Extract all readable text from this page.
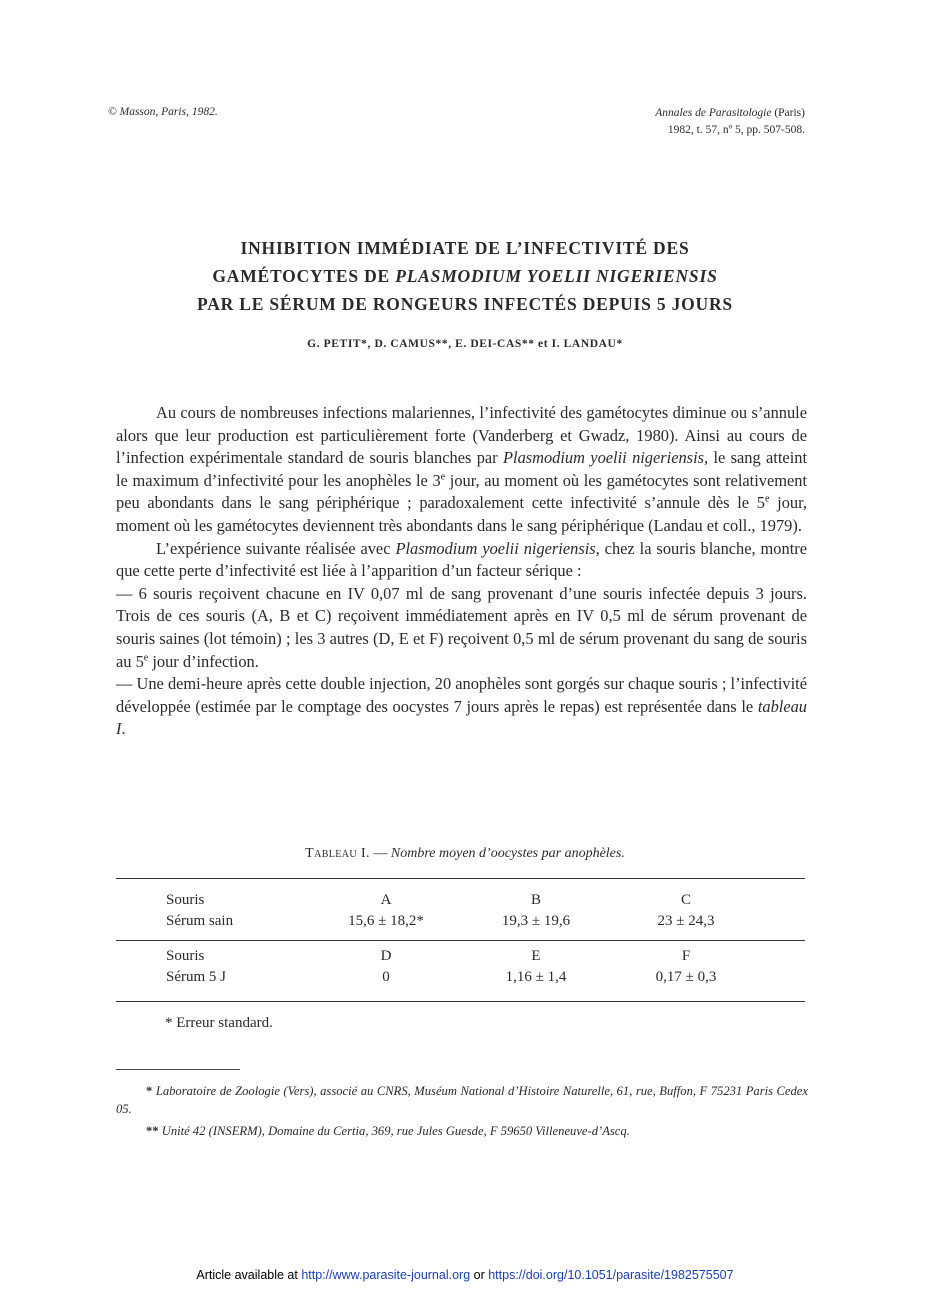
© Masson, Paris, 1982.	Annales de Parasitologie (Paris)
1982, t. 57, nº 5, pp. 507-508.
INHIBITION IMMÉDIATE DE L’INFECTIVITÉ DES
GAMÉTOCYTES DE PLASMODIUM YOELII NIGERIENSIS
PAR LE SÉRUM DE RONGEURS INFECTÉS DEPUIS 5 JOURS
G. PETIT*, D. CAMUS**, E. DEI-CAS** et I. LANDAU*

Au cours de nombreuses infections malariennes, l’infectivité des gamétocytes diminue ou s’annule alors que leur production est particulièrement forte (Vanderberg et Gwadz, 1980). Ainsi au cours de l’infection expérimentale standard de souris blanches par Plasmodium yoelii nigeriensis, le sang atteint le maximum d’infectivité pour les anophèles le 3e jour, au moment où les gamétocytes sont relativement peu abondants dans le sang périphérique ; paradoxalement cette infectivité s’annule dès le 5e jour, moment où les gamétocytes deviennent très abondants dans le sang périphérique (Landau et coll., 1979).

L’expérience suivante réalisée avec Plasmodium yoelii nigeriensis, chez la souris blanche, montre que cette perte d’infectivité est liée à l’apparition d’un facteur sérique :

— 6 souris reçoivent chacune en IV 0,07 ml de sang provenant d’une souris infectée depuis 3 jours. Trois de ces souris (A, B et C) reçoivent immédiatement après en IV 0,5 ml de sérum provenant de souris saines (lot témoin) ; les 3 autres (D, E et F) reçoivent 0,5 ml de sérum provenant du sang de souris au 5e jour d’infection.

— Une demi-heure après cette double injection, 20 anophèles sont gorgés sur chaque souris ; l’infectivité développée (estimée par le comptage des oocystes 7 jours après le repas) est représentée dans le tableau I.

Tableau I. — Nombre moyen d’oocystes par anophèles.
Souris
Sérum sain
A
15,6 ± 18,2*
B
19,3 ± 19,6
C
23 ± 24,3
Souris
Sérum 5 J
D
0
E
1,16 ± 1,4
F
0,17 ± 0,3
* Erreur standard.
* Laboratoire de Zoologie (Vers), associé au CNRS, Muséum National d’Histoire Naturelle, 61, rue, Buffon, F 75231 Paris Cedex 05.
** Unité 42 (INSERM), Domaine du Certia, 369, rue Jules Guesde, F 59650 Villeneuve-d’Ascq.
Article available at http://www.parasite-journal.org or https://doi.org/10.1051/parasite/1982575507
